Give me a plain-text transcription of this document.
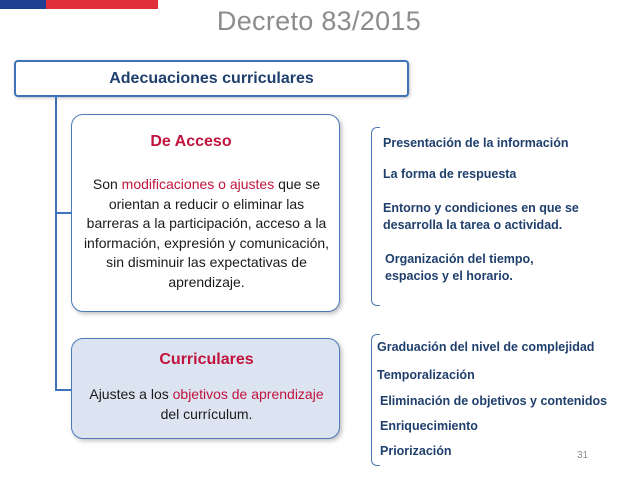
Decreto 83/2015
Adecuaciones curriculares
De Acceso
Son modificaciones o ajustes que se orientan a reducir o eliminar las barreras a la participación, acceso a la información, expresión y comunicación, sin disminuir las expectativas de aprendizaje.
Curriculares
Ajustes a los objetivos de aprendizaje del currículum.
Presentación de la información
La forma de respuesta
Entorno y condiciones en que se
desarrolla la tarea o actividad.
Organización del tiempo,
espacios y el horario.
Graduación del nivel de complejidad
Temporalización
Eliminación de objetivos y contenidos
Enriquecimiento
Priorización	31
